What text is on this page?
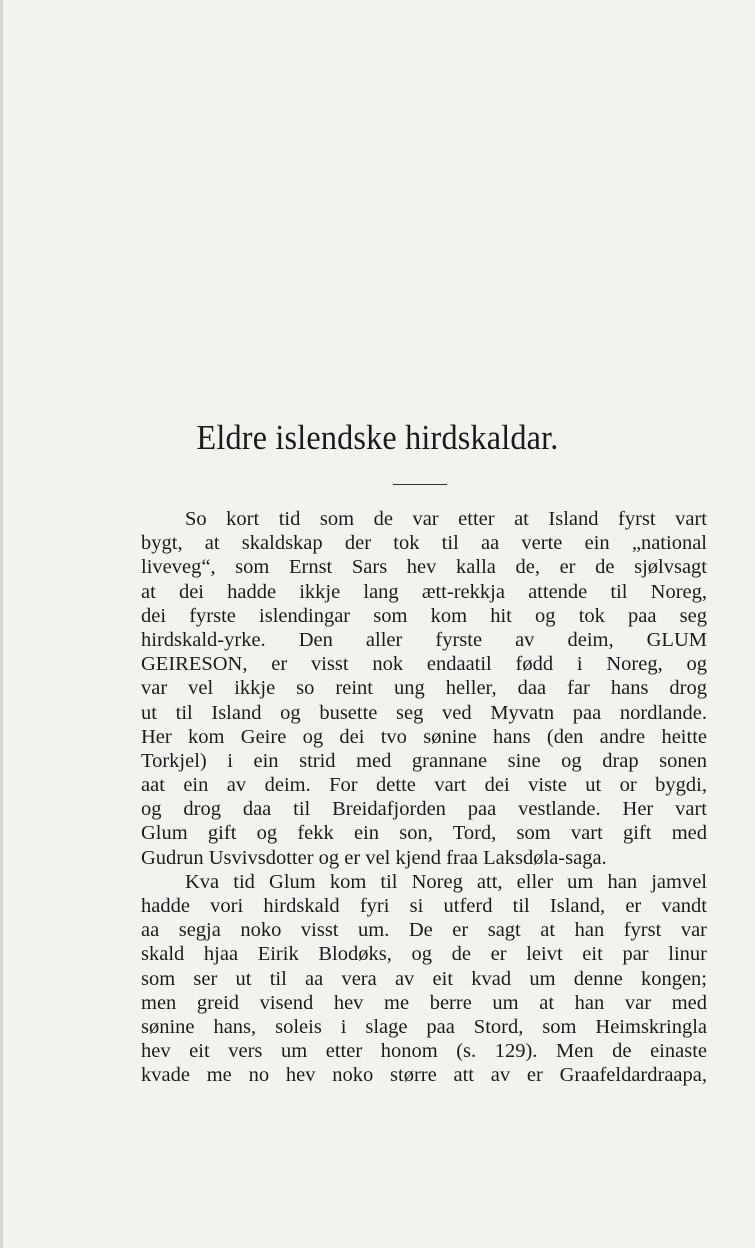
Eldre islendske hirdskaldar.
So kort tid som de var etter at Island fyrst vart
bygt, at skaldskap der tok til aa verte ein „national
liveveg“, som Ernst Sars hev kalla de, er de sjølvsagt
at dei hadde ikkje lang ætt-rekkja attende til Noreg,
dei fyrste islendingar som kom hit og tok paa seg
hirdskald-yrke. Den aller fyrste av deim, GLUM
GEIRESON, er visst nok endaatil fødd i Noreg, og
var vel ikkje so reint ung heller, daa far hans drog
ut til Island og busette seg ved Myvatn paa nordlande.
Her kom Geire og dei tvo sønine hans (den andre heitte
Torkjel) i ein strid med grannane sine og drap sonen
aat ein av deim. For dette vart dei viste ut or bygdi,
og drog daa til Breidafjorden paa vestlande. Her vart
Glum gift og fekk ein son, Tord, som vart gift med
Gudrun Usvivsdotter og er vel kjend fraa Laksdøla-saga.
Kva tid Glum kom til Noreg att, eller um han jamvel
hadde vori hirdskald fyri si utferd til Island, er vandt
aa segja noko visst um. De er sagt at han fyrst var
skald hjaa Eirik Blodøks, og de er leivt eit par linur
som ser ut til aa vera av eit kvad um denne kongen;
men greid visend hev me berre um at han var med
sønine hans, soleis i slage paa Stord, som Heimskringla
hev eit vers um etter honom (s. 129). Men de einaste
kvade me no hev noko større att av er Graafeldardraapa,
